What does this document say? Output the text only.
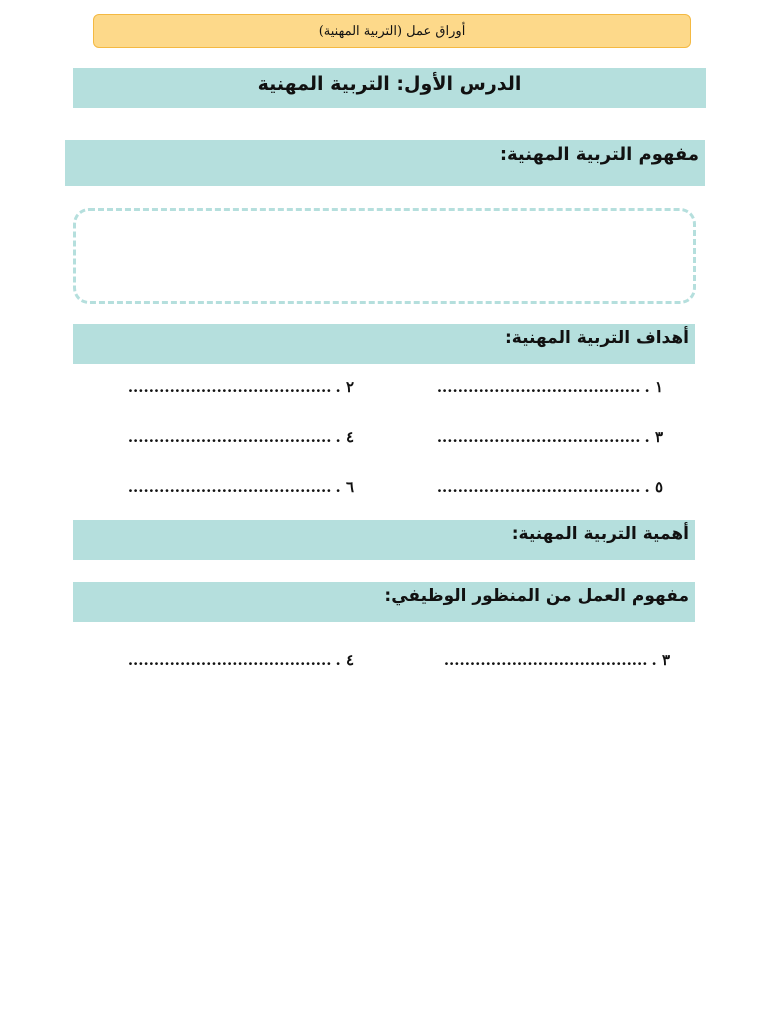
أوراق عمل (التربية المهنية)
الدرس الأول: التربية المهنية
مفهوم التربية المهنية:
أهداف التربية المهنية:
١ ........................................
٢ ........................................
٣ ........................................
٤ ........................................
٥ ........................................
٦ ........................................
أهمية التربية المهنية:
مفهوم العمل من المنظور الوظيفي:
٣ ........................................
٤ ........................................
